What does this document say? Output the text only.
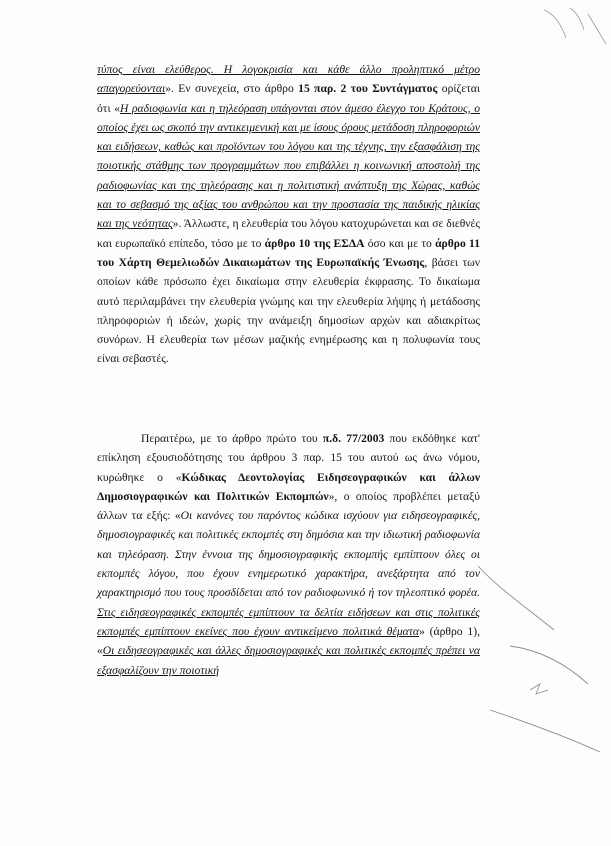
τύπος είναι ελεύθερος. Η λογοκρισία και κάθε άλλο προληπτικό μέτρο απαγορεύονται». Εν συνεχεία, στο άρθρο 15 παρ. 2 του Συντάγματος ορίζεται ότι «Η ραδιοφωνία και η τηλεόραση υπάγονται στον άμεσο έλεγχο του Κράτους, ο οποίος έχει ως σκοπό την αντικειμενική και με ίσους όρους μετάδοση πληροφοριών και ειδήσεων, καθώς και προϊόντων του λόγου και της τέχνης, την εξασφάλιση της ποιοτικής στάθμης των προγραμμάτων που επιβάλλει η κοινωνική αποστολή της ραδιοφωνίας και της τηλεόρασης και η πολιτιστική ανάπτυξη της Χώρας, καθώς και το σεβασμό της αξίας του ανθρώπου και την προστασία της παιδικής ηλικίας και της νεότητας». Άλλωστε, η ελευθερία του λόγου κατοχυρώνεται και σε διεθνές και ευρωπαϊκό επίπεδο, τόσο με το άρθρο 10 της ΕΣΔΑ όσο και με το άρθρο 11 του Χάρτη Θεμελιωδών Δικαιωμάτων της Ευρωπαϊκής Ένωσης, βάσει των οποίων κάθε πρόσωπο έχει δικαίωμα στην ελευθερία έκφρασης. Το δικαίωμα αυτό περιλαμβάνει την ελευθερία γνώμης και την ελευθερία λήψης ή μετάδοσης πληροφοριών ή ιδεών, χωρίς την ανάμειξη δημοσίων αρχών και αδιακρίτως συνόρων. Η ελευθερία των μέσων μαζικής ενημέρωσης και η πολυφωνία τους είναι σεβαστές.
Περαιτέρω, με το άρθρο πρώτο του π.δ. 77/2003 που εκδόθηκε κατ' επίκληση εξουσιοδότησης του άρθρου 3 παρ. 15 του αυτού ως άνω νόμου, κυρώθηκε ο «Κώδικας Δεοντολογίας Ειδησεογραφικών και άλλων Δημοσιογραφικών και Πολιτικών Εκπομπών», ο οποίος προβλέπει μεταξύ άλλων τα εξής: «Οι κανόνες του παρόντος κώδικα ισχύουν για ειδησεογραφικές, δημοσιογραφικές και πολιτικές εκπομπές στη δημόσια και την ιδιωτική ραδιοφωνία και τηλεόραση. Στην έννοια της δημοσιογραφικής εκπομπής εμπίπτουν όλες οι εκπομπές λόγου, που έχουν ενημερωτικό χαρακτήρα, ανεξάρτητα από τον χαρακτηρισμό που τους προσδίδεται από τον ραδιοφωνικό ή τον τηλεοπτικό φορέα. Στις ειδησεογραφικές εκπομπές εμπίπτουν τα δελτία ειδήσεων και στις πολιτικές εκπομπές εμπίπτουν εκείνες που έχουν αντικείμενο πολιτικά θέματα» (άρθρο 1), «Οι ειδησεογραφικές και άλλες δημοσιογραφικές και πολιτικές εκπομπές πρέπει να εξασφαλίζουν την ποιοτική
